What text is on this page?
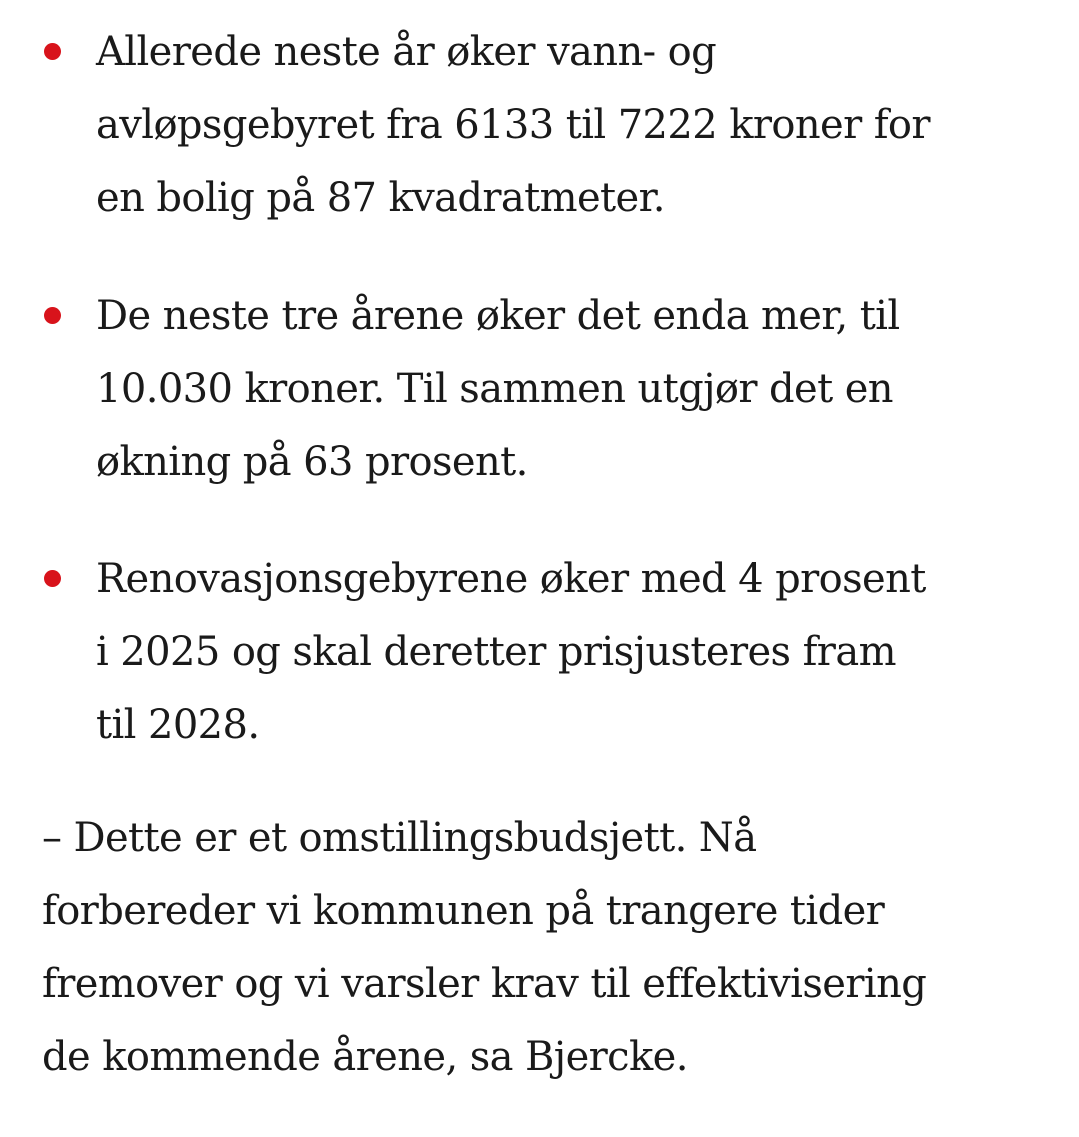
Allerede neste år øker vann- og
avløpsgebyret fra 6133 til 7222 kroner for
en bolig på 87 kvadratmeter.
De neste tre årene øker det enda mer, til
10.030 kroner. Til sammen utgjør det en
økning på 63 prosent.
Renovasjonsgebyrene øker med 4 prosent
i 2025 og skal deretter prisjusteres fram
til 2028.

– Dette er et omstillingsbudsjett. Nå
forbereder vi kommunen på trangere tider
fremover og vi varsler krav til effektivisering
de kommende årene, sa Bjercke.
